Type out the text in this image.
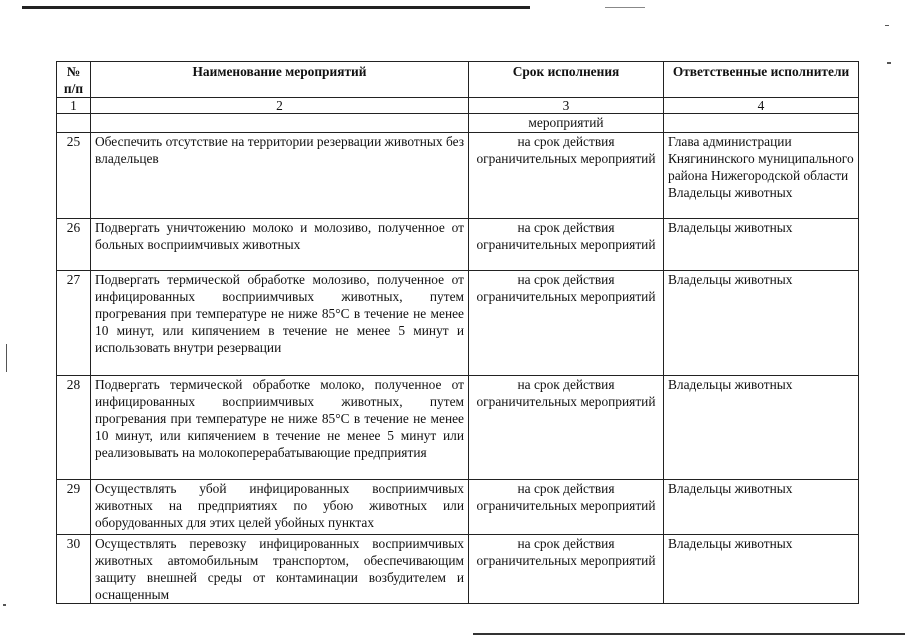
№ п/п	Наименование мероприятий	Срок исполнения	Ответственные исполнители
1	2	3	4
		мероприятий	
25	Обеспечить отсутствие на территории резервации животных без владельцев	на срок действия ограничительных мероприятий	Глава администрации Княгининского муниципального района Нижегородской области Владельцы животных
26	Подвергать уничтожению молоко и молозиво, полученное от больных восприимчивых животных	на срок действия ограничительных мероприятий	Владельцы животных
27	Подвергать термической обработке молозиво, полученное от инфицированных восприимчивых животных, путем прогревания при температуре не ниже 85°С в течение не менее 10 минут, или кипячением в течение не менее 5 минут и использовать внутри резервации	на срок действия ограничительных мероприятий	Владельцы животных
28	Подвергать термической обработке молоко, полученное от инфицированных восприимчивых животных, путем прогревания при температуре не ниже 85°С в течение не менее 10 минут, или кипячением в течение не менее 5 минут или реализовывать на молокоперерабатывающие предприятия	на срок действия ограничительных мероприятий	Владельцы животных
29	Осуществлять убой инфицированных восприимчивых животных на предприятиях по убою животных или оборудованных для этих целей убойных пунктах	на срок действия ограничительных мероприятий	Владельцы животных
30	Осуществлять перевозку инфицированных восприимчивых животных автомобильным транспортом, обеспечивающим защиту внешней среды от контаминации возбудителем и оснащенным	на срок действия ограничительных мероприятий	Владельцы животных
